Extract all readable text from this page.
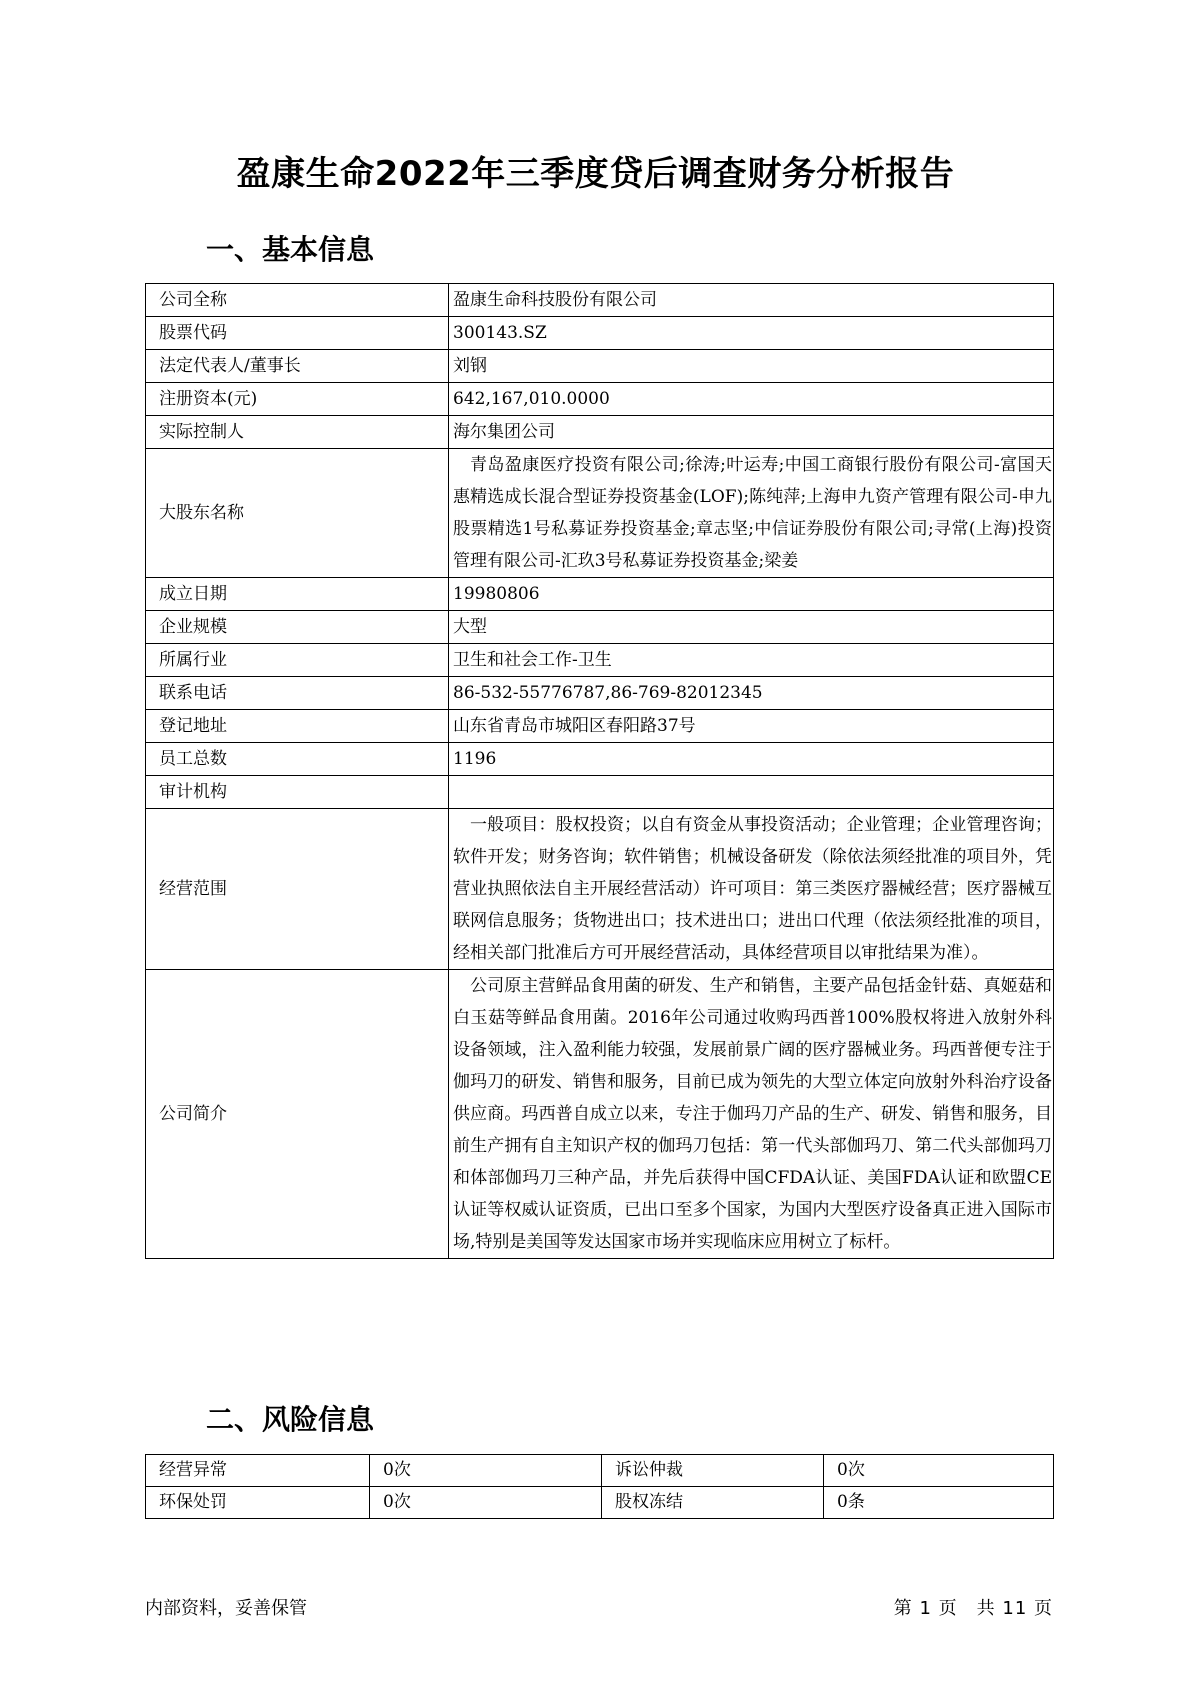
盈康生命2022年三季度贷后调查财务分析报告
一、基本信息
公司全称	盈康生命科技股份有限公司
股票代码	300143.SZ
法定代表人/董事长	刘钢
注册资本(元)	642,167,010.0000
实际控制人	海尔集团公司
大股东名称	青岛盈康医疗投资有限公司;徐涛;叶运寿;中国工商银行股份有限公司-富国天惠精选成长混合型证券投资基金(LOF);陈纯萍;上海申九资产管理有限公司-申九股票精选1号私募证券投资基金;章志坚;中信证券股份有限公司;寻常(上海)投资管理有限公司-汇玖3号私募证券投资基金;梁姜
成立日期	19980806
企业规模	大型
所属行业	卫生和社会工作-卫生
联系电话	86-532-55776787,86-769-82012345
登记地址	山东省青岛市城阳区春阳路37号
员工总数	1196
审计机构	
经营范围	一般项目：股权投资；以自有资金从事投资活动；企业管理；企业管理咨询；软件开发；财务咨询；软件销售；机械设备研发（除依法须经批准的项目外，凭营业执照依法自主开展经营活动）许可项目：第三类医疗器械经营；医疗器械互联网信息服务；货物进出口；技术进出口；进出口代理（依法须经批准的项目，经相关部门批准后方可开展经营活动，具体经营项目以审批结果为准）。
公司简介	公司原主营鲜品食用菌的研发、生产和销售，主要产品包括金针菇、真姬菇和白玉菇等鲜品食用菌。2016年公司通过收购玛西普100%股权将进入放射外科设备领域，注入盈利能力较强，发展前景广阔的医疗器械业务。玛西普便专注于伽玛刀的研发、销售和服务，目前已成为领先的大型立体定向放射外科治疗设备供应商。玛西普自成立以来，专注于伽玛刀产品的生产、研发、销售和服务，目前生产拥有自主知识产权的伽玛刀包括：第一代头部伽玛刀、第二代头部伽玛刀和体部伽玛刀三种产品，并先后获得中国CFDA认证、美国FDA认证和欧盟CE认证等权威认证资质，已出口至多个国家，为国内大型医疗设备真正进入国际市场,特别是美国等发达国家市场并实现临床应用树立了标杆。
二、风险信息
经营异常	0次	诉讼仲裁	0次
环保处罚	0次	股权冻结	0条
内部资料，妥善保管	第 1 页　共 11 页
